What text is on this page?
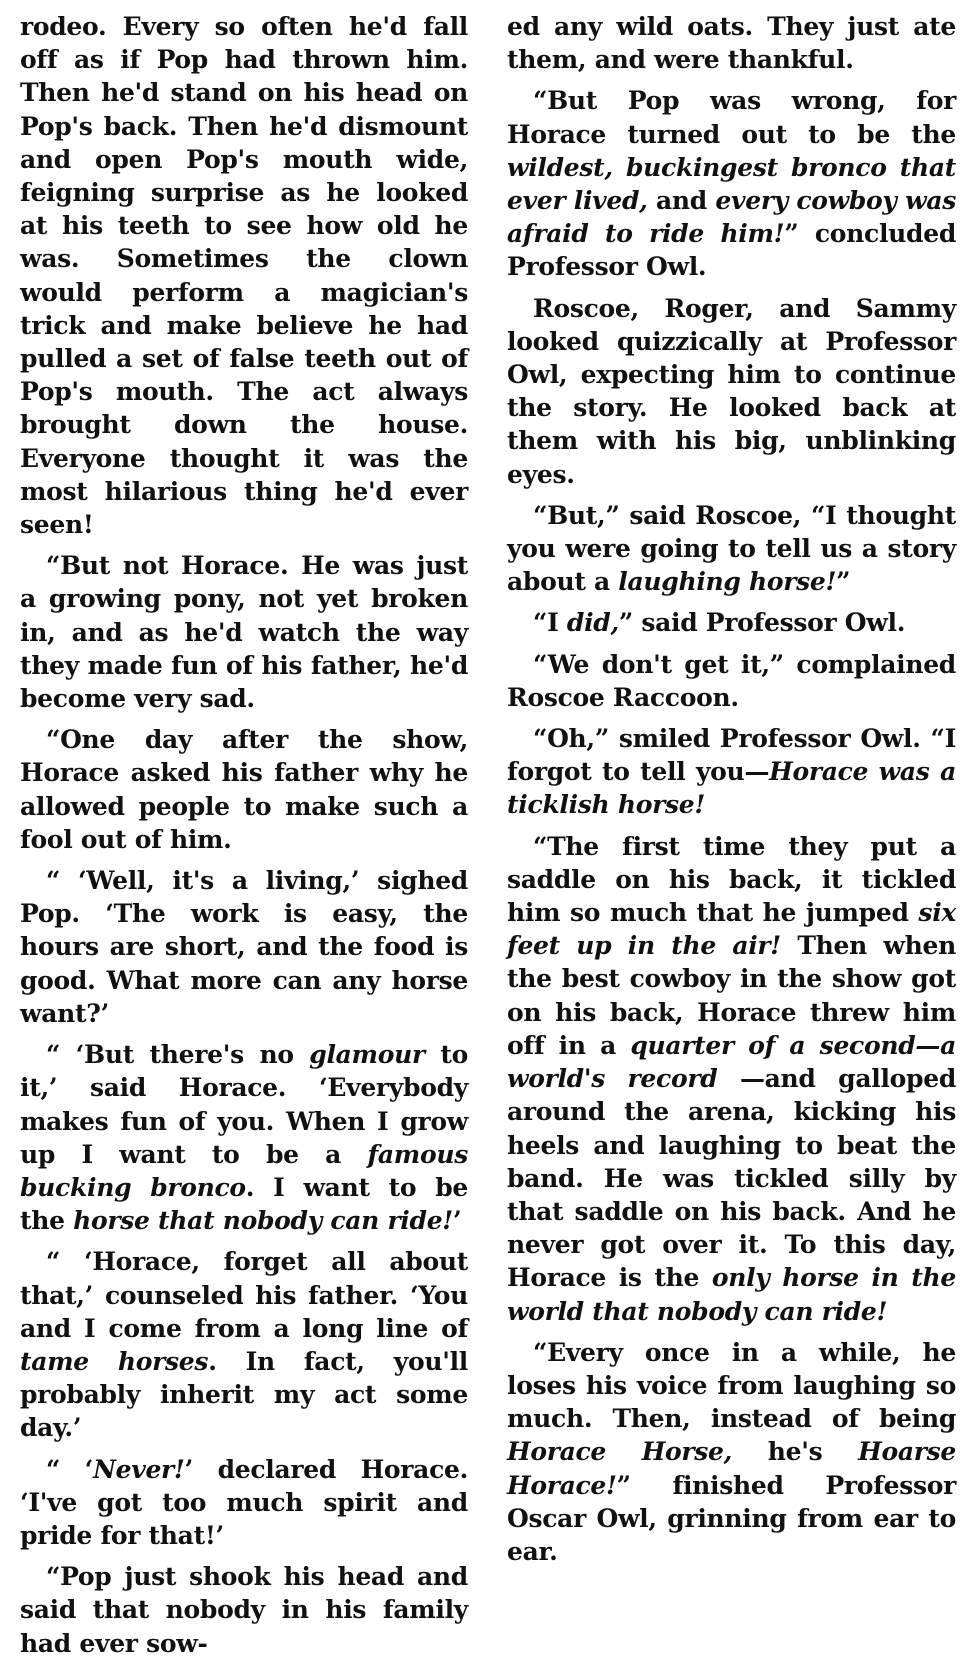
rodeo. Every so often he'd fall off as if Pop had thrown him. Then he'd stand on his head on Pop's back. Then he'd dismount and open Pop's mouth wide, feigning surprise as he looked at his teeth to see how old he was. Sometimes the clown would perform a magician's trick and make believe he had pulled a set of false teeth out of Pop's mouth. The act always brought down the house. Everyone thought it was the most hilarious thing he'd ever seen!

“But not Horace. He was just a growing pony, not yet broken in, and as he'd watch the way they made fun of his father, he'd become very sad.

“One day after the show, Horace asked his father why he allowed people to make such a fool out of him.

“ ‘Well, it's a living,’ sighed Pop. ‘The work is easy, the hours are short, and the food is good. What more can any horse want?’

“ ‘But there's no glamour to it,’ said Horace. ‘Everybody makes fun of you. When I grow up I want to be a famous bucking bronco. I want to be the horse that nobody can ride!’

“ ‘Horace, forget all about that,’ counseled his father. ‘You and I come from a long line of tame horses. In fact, you'll probably inherit my act some day.’

“ ‘Never!’ declared Horace. ‘I've got too much spirit and pride for that!’

“Pop just shook his head and said that nobody in his family had ever sow-

ed any wild oats. They just ate them, and were thankful.

“But Pop was wrong, for Horace turned out to be the wildest, buckingest bronco that ever lived, and every cowboy was afraid to ride him!” concluded Professor Owl.

Roscoe, Roger, and Sammy looked quizzically at Professor Owl, expecting him to continue the story. He looked back at them with his big, unblinking eyes.

“But,” said Roscoe, “I thought you were going to tell us a story about a laughing horse!”

“I did,” said Professor Owl.

“We don't get it,” complained Roscoe Raccoon.

“Oh,” smiled Professor Owl. “I forgot to tell you—Horace was a ticklish horse!

“The first time they put a saddle on his back, it tickled him so much that he jumped six feet up in the air! Then when the best cowboy in the show got on his back, Horace threw him off in a quarter of a second—a world's record —and galloped around the arena, kicking his heels and laughing to beat the band. He was tickled silly by that saddle on his back. And he never got over it. To this day, Horace is the only horse in the world that nobody can ride!

“Every once in a while, he loses his voice from laughing so much. Then, instead of being Horace Horse, he's Hoarse Horace!” finished Professor Oscar Owl, grinning from ear to ear.
